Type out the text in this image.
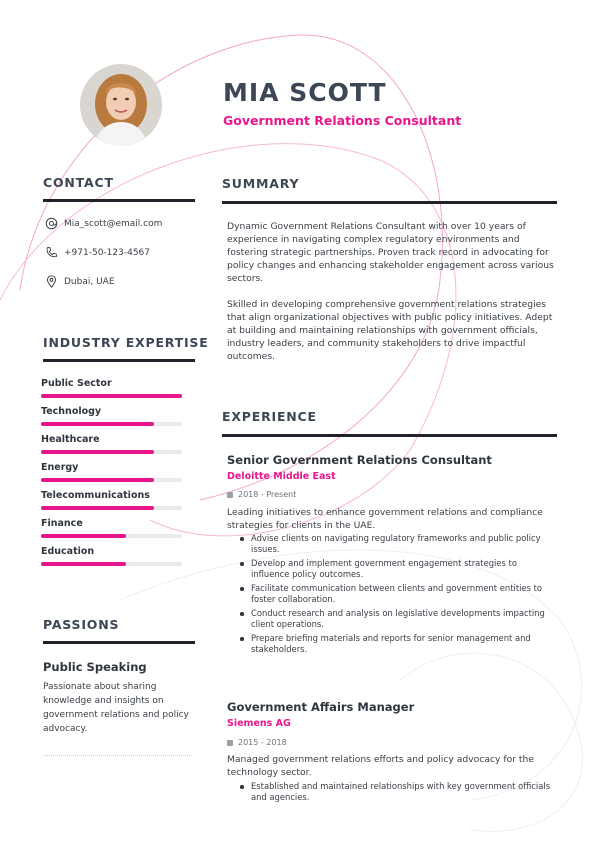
MIA SCOTT
Government Relations Consultant
CONTACT
Mia_scott@email.com
+971-50-123-4567
Dubai, UAE
INDUSTRY EXPERTISE
Public Sector
Technology
Healthcare
Energy
Telecommunications
Finance
Education
PASSIONS
Public Speaking
Passionate about sharing knowledge and insights on government relations and policy advocacy.
SUMMARY

Dynamic Government Relations Consultant with over 10 years of experience in navigating complex regulatory environments and fostering strategic partnerships. Proven track record in advocating for policy changes and enhancing stakeholder engagement across various sectors.

Skilled in developing comprehensive government relations strategies that align organizational objectives with public policy initiatives. Adept at building and maintaining relationships with government officials, industry leaders, and community stakeholders to drive impactful outcomes.

EXPERIENCE
Senior Government Relations Consultant
Deloitte Middle East
2018 - Present
Leading initiatives to enhance government relations and compliance strategies for clients in the UAE.
Advise clients on navigating regulatory frameworks and public policy issues.
Develop and implement government engagement strategies to influence policy outcomes.
Facilitate communication between clients and government entities to foster collaboration.
Conduct research and analysis on legislative developments impacting client operations.
Prepare briefing materials and reports for senior management and stakeholders.
Government Affairs Manager
Siemens AG
2015 - 2018
Managed government relations efforts and policy advocacy for the technology sector.
Established and maintained relationships with key government officials and agencies.
